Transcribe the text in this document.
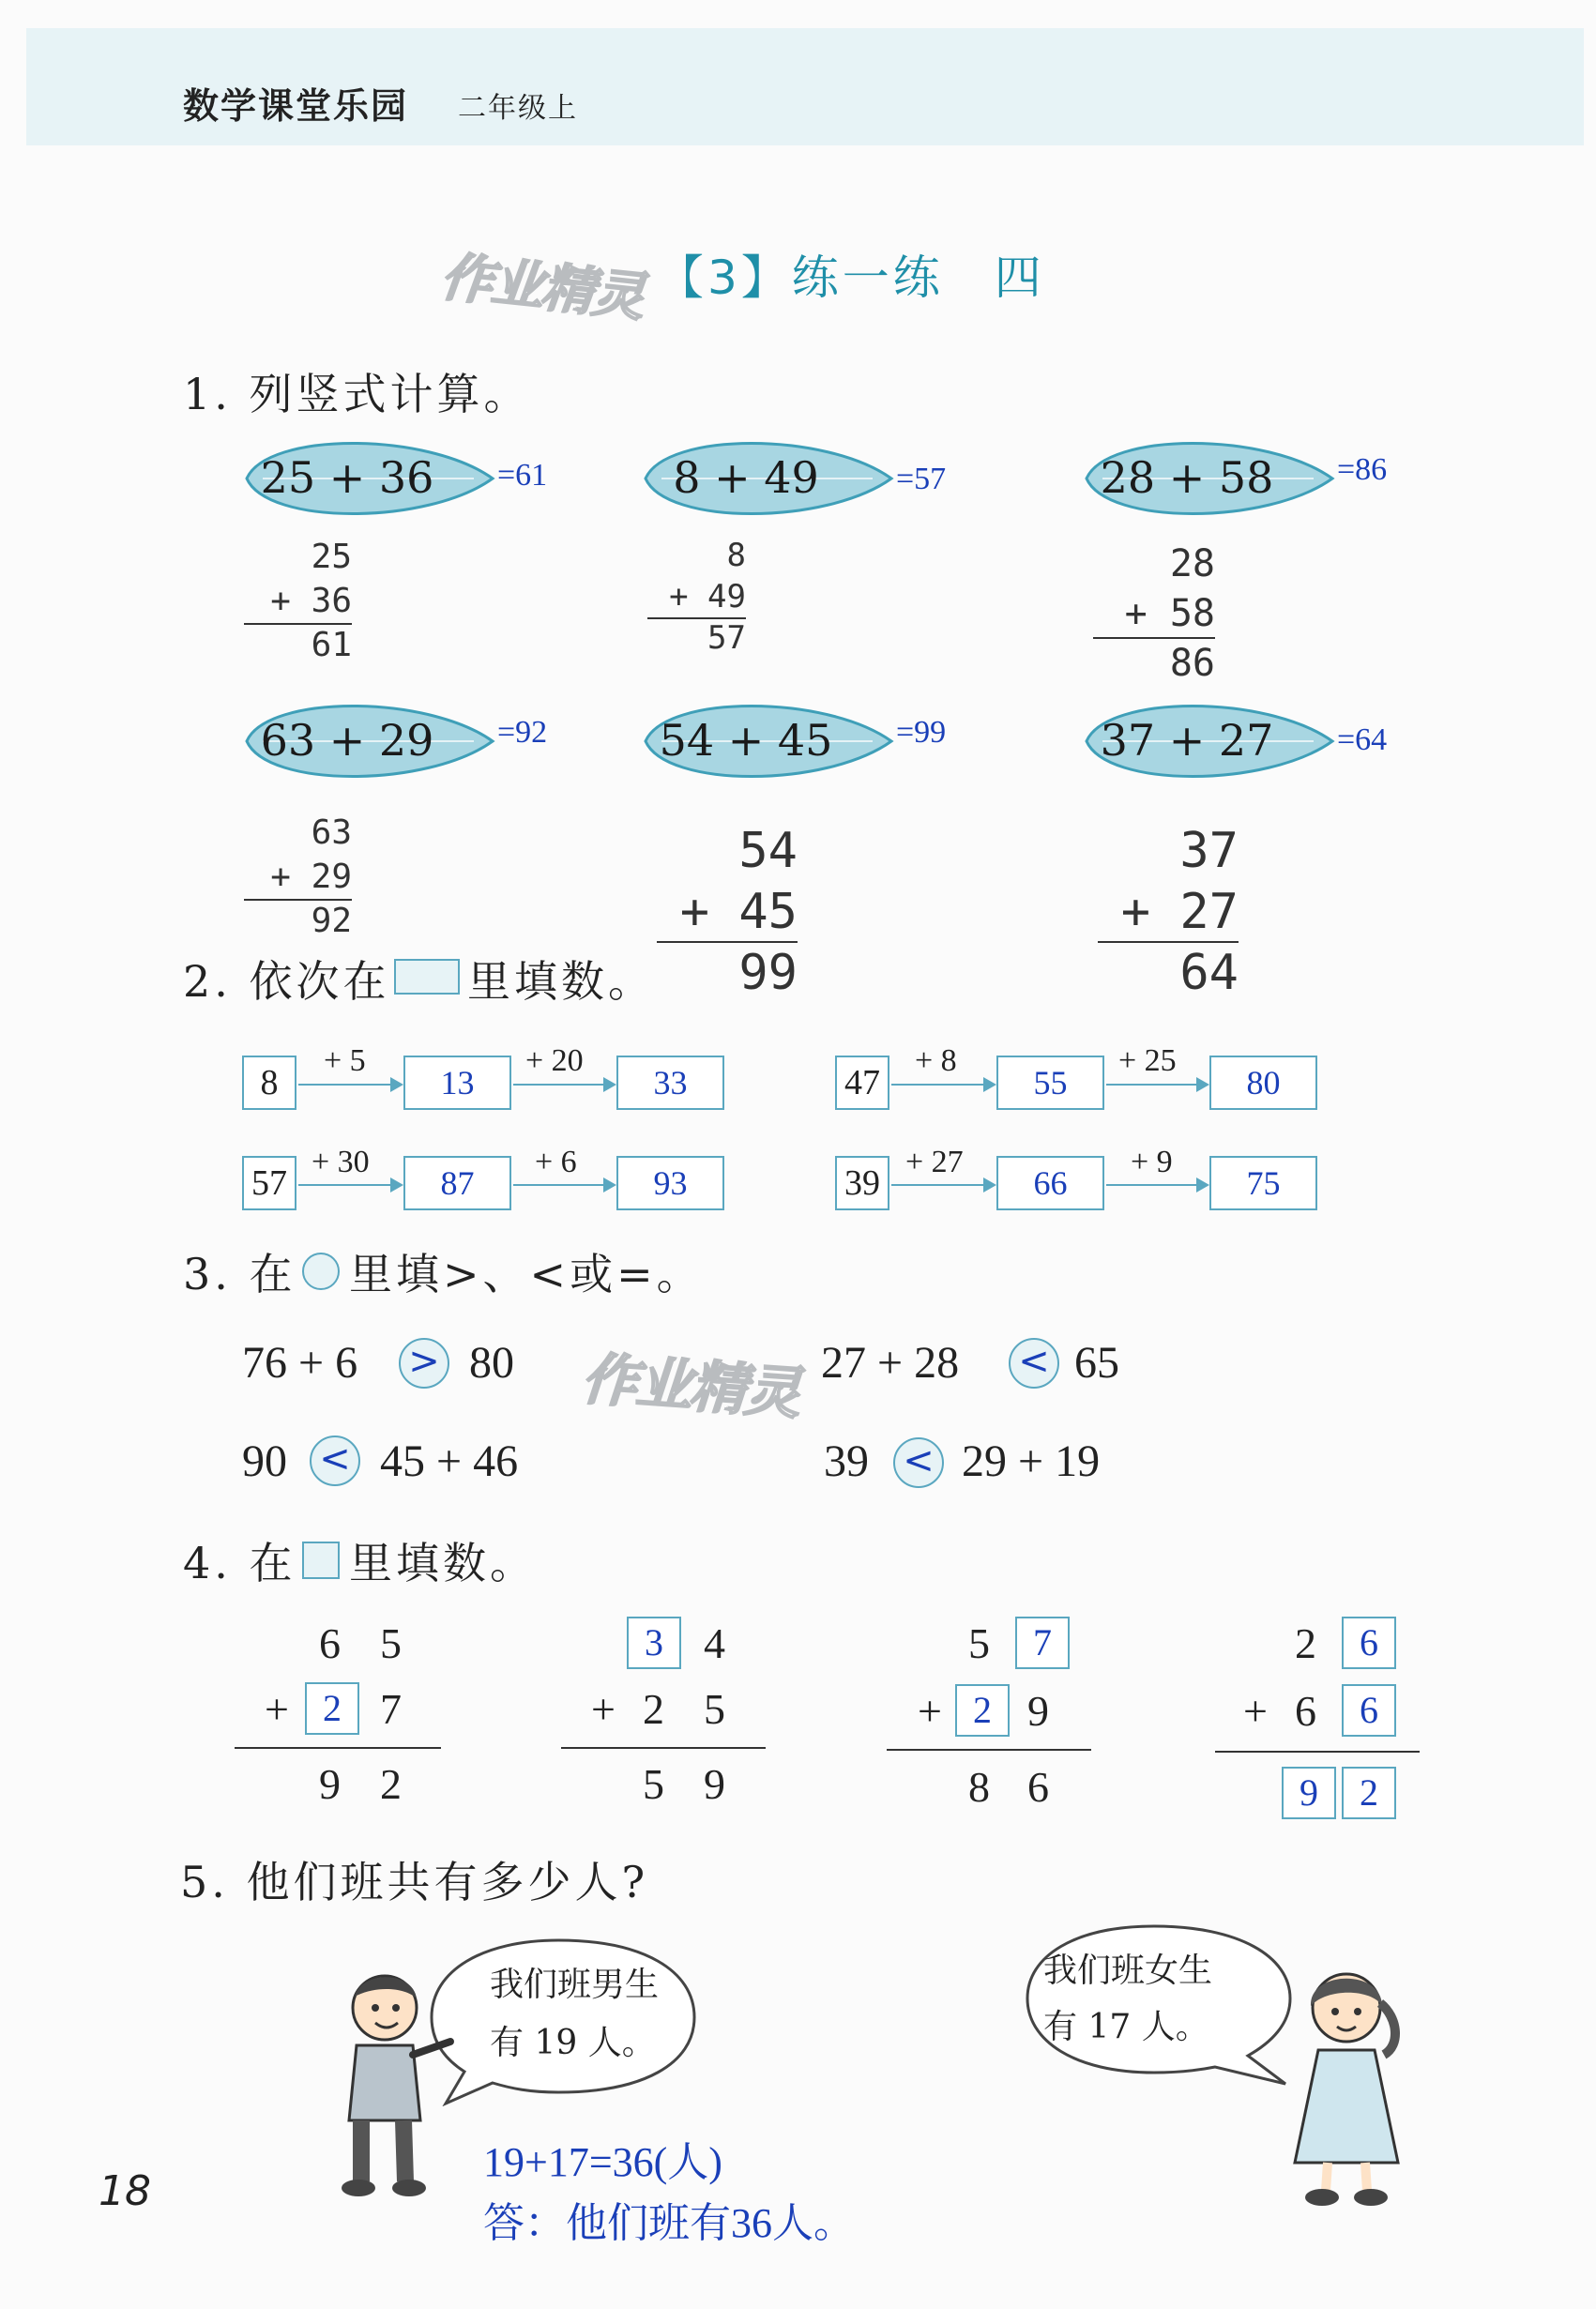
数学课堂乐园 二年级上
【3】练一练　四
作业精灵
1. 列竖式计算。
25 + 36	=61	8 + 49	=57	28 + 58	=86
25
+ 36
61
8
+ 49
57
28
+ 58
86
63 + 29	=92	54 + 45	=99	37 + 27	=64
63
+ 29
92
54
+ 45
99
37
+ 27
64
2. 依次在 里填数。
8
+ 5
13
+ 20
33	47
+ 8
55
+ 25
80
57
+ 30
87
+ 6
93	39
+ 27
66
+ 9
75
3. 在 里填>、<或=。
76 + 6 > 80 作业精灵 27 + 28 < 65
90 < 45 + 46	39 < 29 + 19
4. 在 里填数。
6 5
+ 2 7
9 2
3 4
+ 2 5
5 9
5	7
+ 2 9
8 6
2	6
+ 6	6
9	2
5. 他们班共有多少人?
我们班男生
有 19 人。
我们班女生
有 17 人。
19+17=36(人)
答：他们班有36人。
18
